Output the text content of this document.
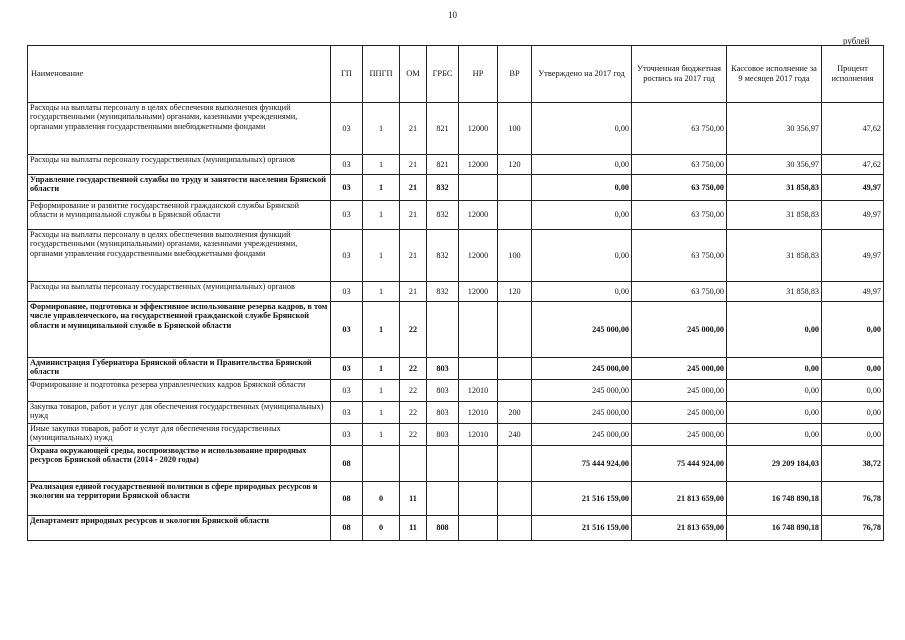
10
рублей
Наименование	ГП	ППГП	ОМ	ГРБС	НР	ВР	Утверждено на 2017 год	Уточненная бюджетная роспись на 2017 год	Кассовое исполнение за 9 месяцев 2017 года	Процент исполнения
Расходы на выплаты персоналу в целях обеспечения выполнения функций государственными (муниципальными) органами, казенными учреждениями, органами управления государственными внебюджетными фондами	03	1	21	821	12000	100	0,00	63 750,00	30 356,97	47,62
Расходы на выплаты персоналу государственных (муниципальных) органов	03	1	21	821	12000	120	0,00	63 750,00	30 356,97	47,62
Управление государственной службы по труду и занятости населения Брянской области	03	1	21	832			0,00	63 750,00	31 858,83	49,97
Реформирование и развитие государственной гражданской службы Брянской области и муниципальной службы в Брянской области	03	1	21	832	12000		0,00	63 750,00	31 858,83	49,97
Расходы на выплаты персоналу в целях обеспечения выполнения функций государственными (муниципальными) органами, казенными учреждениями, органами управления государственными внебюджетными фондами	03	1	21	832	12000	100	0,00	63 750,00	31 858,83	49,97
Расходы на выплаты персоналу государственных (муниципальных) органов	03	1	21	832	12000	120	0,00	63 750,00	31 858,83	49,97
Формирование, подготовка и эффективное использование резерва кадров, в том числе управленческого, на государственной гражданской службе Брянской области и муниципальной службе в Брянской области	03	1	22				245 000,00	245 000,00	0,00	0,00
Администрация Губернатора Брянской области и Правительства Брянской области	03	1	22	803			245 000,00	245 000,00	0,00	0,00
Формирование и подготовка резерва управленческих кадров Брянской области	03	1	22	803	12010		245 000,00	245 000,00	0,00	0,00
Закупка товаров, работ и услуг для обеспечения государственных (муниципальных) нужд	03	1	22	803	12010	200	245 000,00	245 000,00	0,00	0,00
Иные закупки товаров, работ и услуг для обеспечения государственных (муниципальных) нужд	03	1	22	803	12010	240	245 000,00	245 000,00	0,00	0,00
Охрана окружающей среды, воспроизводство и использование природных ресурсов Брянской области (2014 - 2020 годы)	08						75 444 924,00	75 444 924,00	29 209 184,03	38,72
Реализация единой государственной политики в сфере природных ресурсов и экологии на территории Брянской области	08	0	11				21 516 159,00	21 813 659,00	16 748 890,18	76,78
Департамент природных ресурсов и экологии Брянской области	08	0	11	808			21 516 159,00	21 813 659,00	16 748 890,18	76,78
